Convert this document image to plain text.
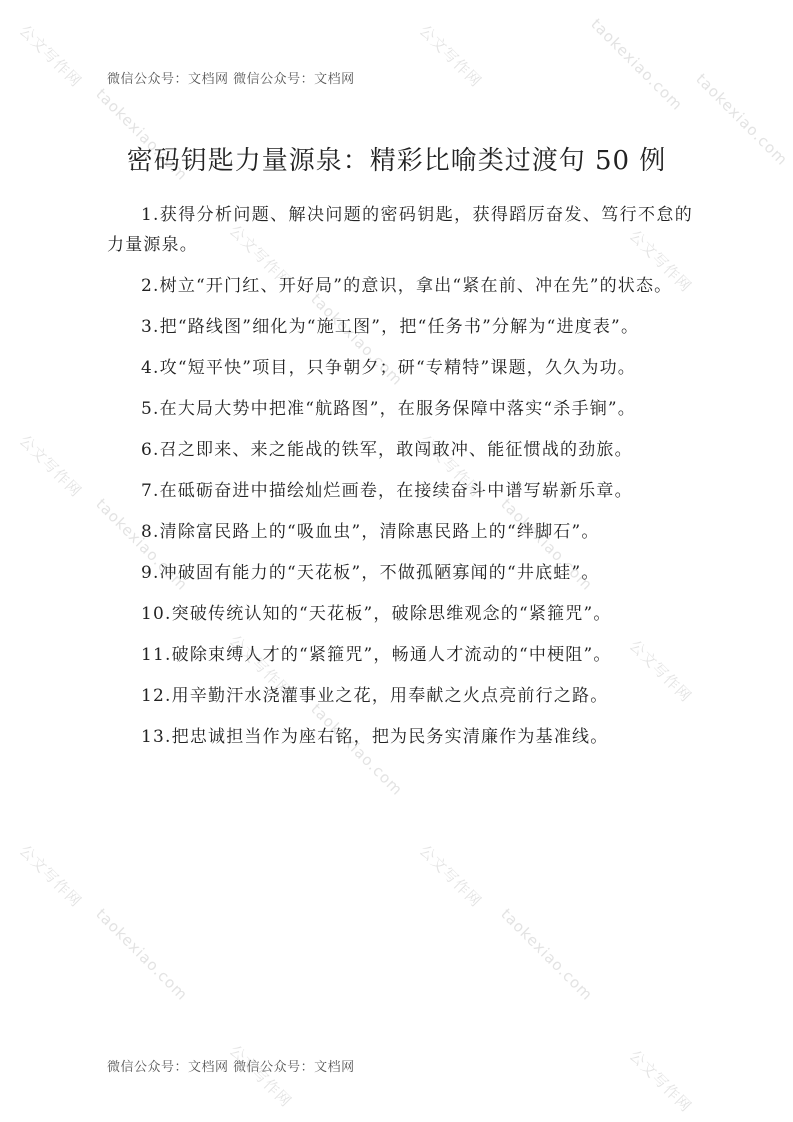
公文写作网
taokexiao.com
公文写作网	taokexiao.com
taokexiao.com
公文写作网
taokexiao.com
公文写作网
公文写作网
taokexiao.com
公文写作网
taokexiao.com
公文写作网
taokexiao.com
公文写作网
公文写作网
taokexiao.com
公文写作网
taokexiao.com
公文写作网	公文写作网
微信公众号：文档网 微信公众号：文档网
密码钥匙力量源泉：精彩比喻类过渡句 50 例

1.获得分析问题、解决问题的密码钥匙，获得蹈厉奋发、笃行不怠的力量源泉。

2.树立“开门红、开好局”的意识，拿出“紧在前、冲在先”的状态。

3.把“路线图”细化为“施工图”，把“任务书”分解为“进度表”。

4.攻“短平快”项目，只争朝夕；研“专精特”课题，久久为功。

5.在大局大势中把准“航路图”，在服务保障中落实“杀手锏”。

6.召之即来、来之能战的铁军，敢闯敢冲、能征惯战的劲旅。

7.在砥砺奋进中描绘灿烂画卷，在接续奋斗中谱写崭新乐章。

8.清除富民路上的“吸血虫”，清除惠民路上的“绊脚石”。

9.冲破固有能力的“天花板”，不做孤陋寡闻的“井底蛙”。

10.突破传统认知的“天花板”，破除思维观念的“紧箍咒”。

11.破除束缚人才的“紧箍咒”，畅通人才流动的“中梗阻”。

12.用辛勤汗水浇灌事业之花，用奉献之火点亮前行之路。

13.把忠诚担当作为座右铭，把为民务实清廉作为基准线。

微信公众号：文档网 微信公众号：文档网
